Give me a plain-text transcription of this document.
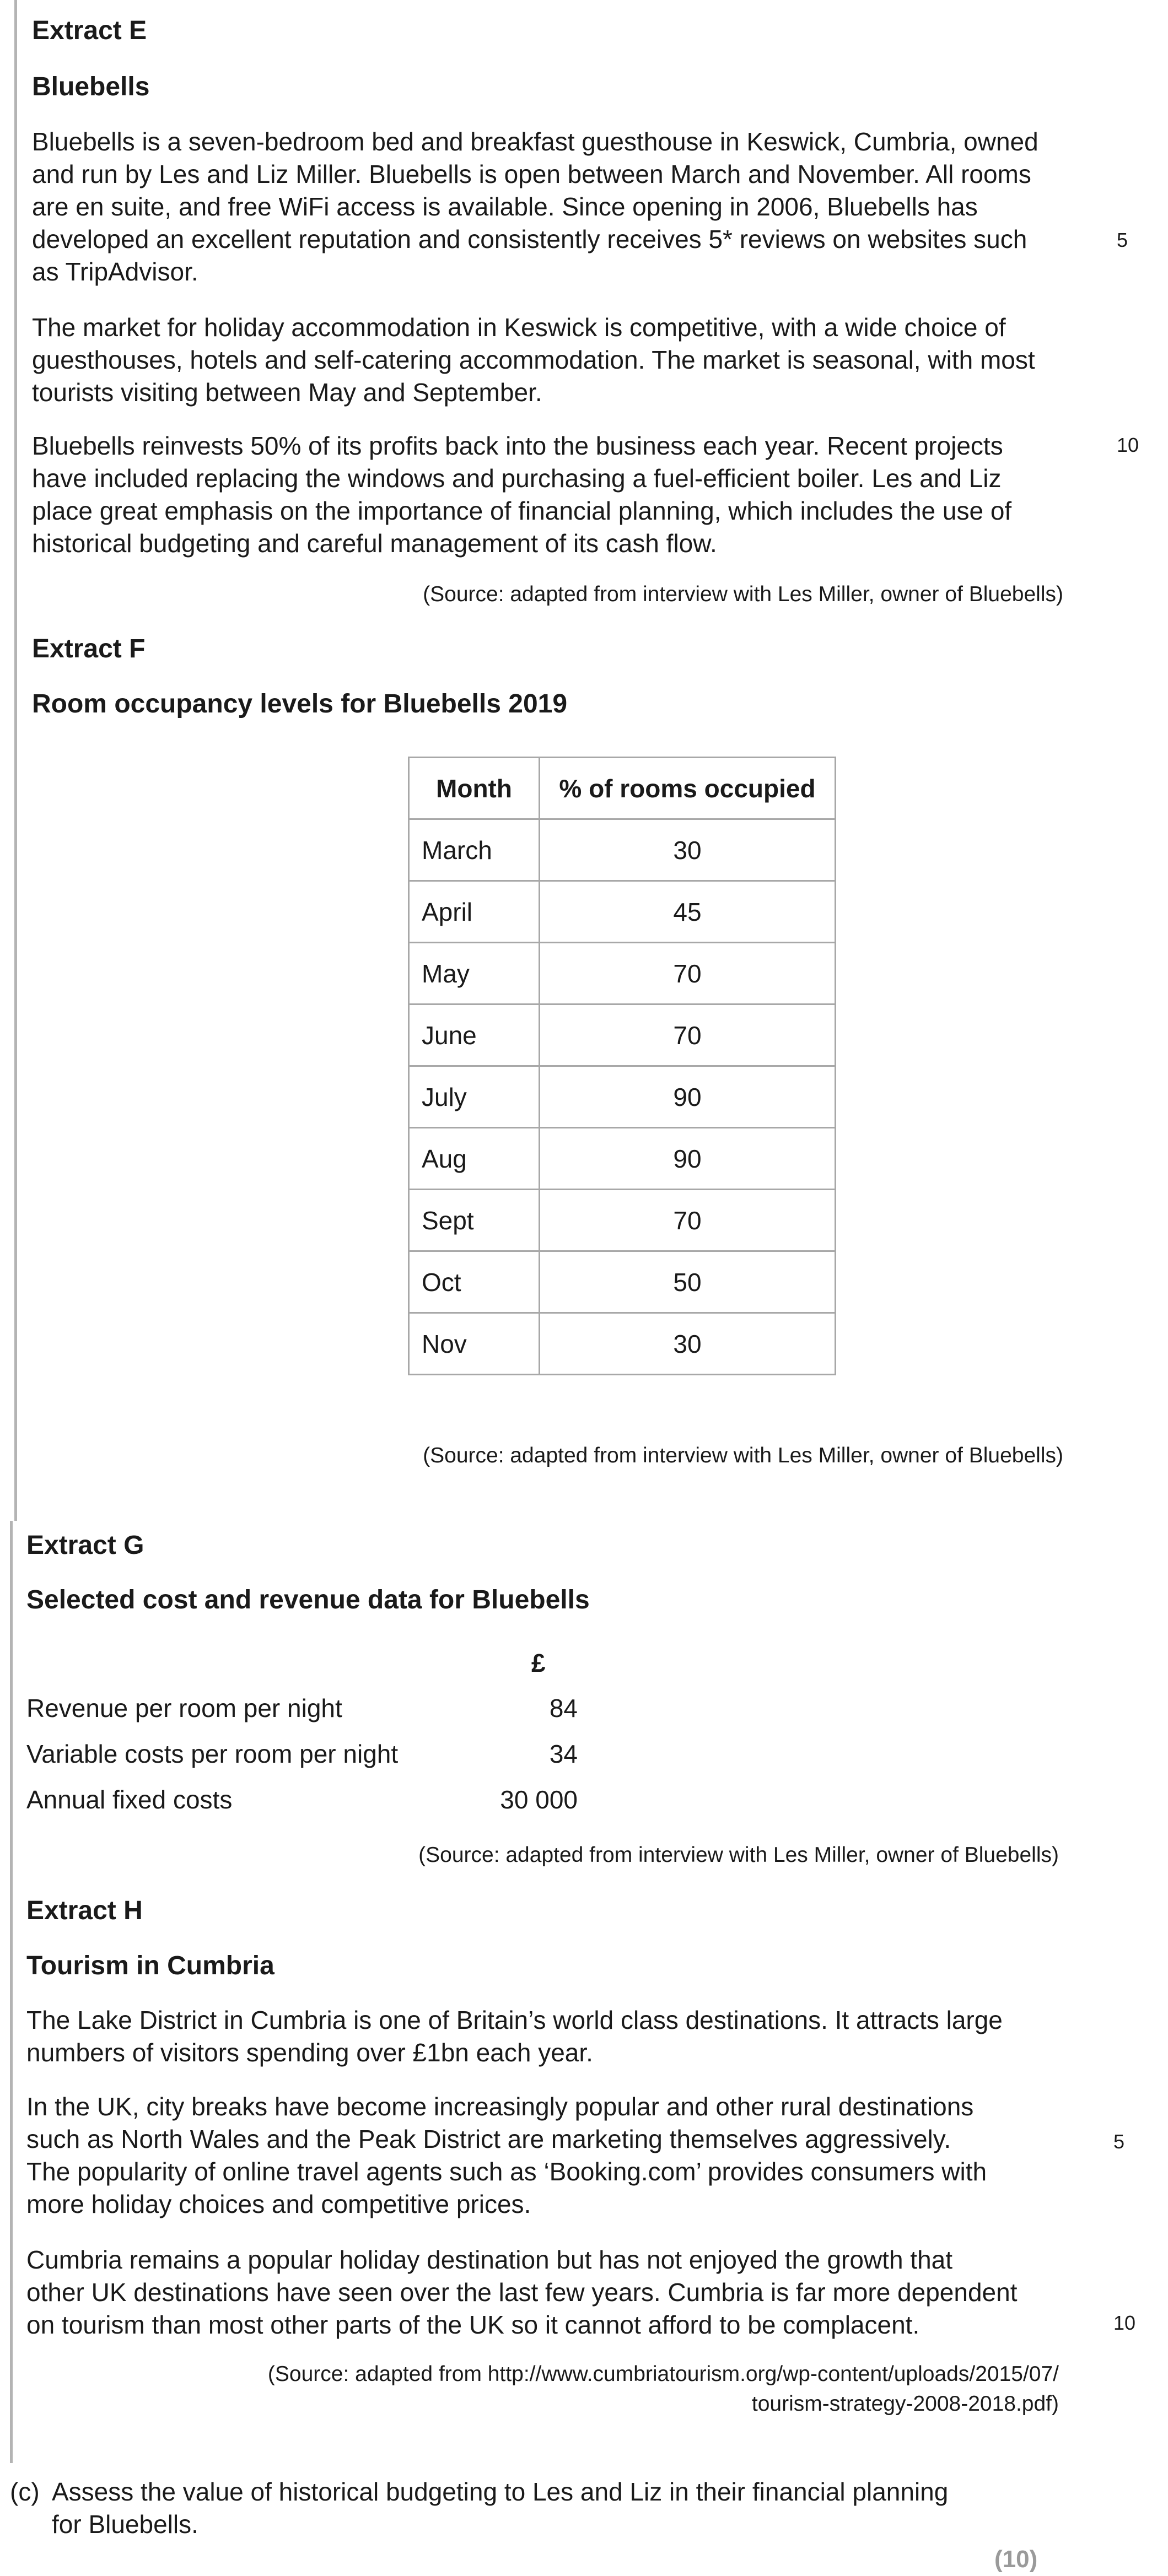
Extract E
Bluebells
Bluebells is a seven-bedroom bed and breakfast guesthouse in Keswick, Cumbria, owned
and run by Les and Liz Miller. Bluebells is open between March and November. All rooms
are en suite, and free WiFi access is available. Since opening in 2006, Bluebells has
developed an excellent reputation and consistently receives 5* reviews on websites such
as TripAdvisor.
5
The market for holiday accommodation in Keswick is competitive, with a wide choice of
guesthouses, hotels and self-catering accommodation. The market is seasonal, with most
tourists visiting between May and September.
Bluebells reinvests 50% of its profits back into the business each year. Recent projects
have included replacing the windows and purchasing a fuel-efficient boiler. Les and Liz
place great emphasis on the importance of financial planning, which includes the use of
historical budgeting and careful management of its cash flow.
10
(Source: adapted from interview with Les Miller, owner of Bluebells)
Extract F
Room occupancy levels for Bluebells 2019
Month	% of rooms occupied
March	30
April	45
May	70
June	70
July	90
Aug	90
Sept	70
Oct	50
Nov	30
(Source: adapted from interview with Les Miller, owner of Bluebells)
Extract G
Selected cost and revenue data for Bluebells
£
Revenue per room per night	84
Variable costs per room per night	34
Annual fixed costs	30 000
(Source: adapted from interview with Les Miller, owner of Bluebells)
Extract H
Tourism in Cumbria
The Lake District in Cumbria is one of Britain’s world class destinations. It attracts large
numbers of visitors spending over £1bn each year.
In the UK, city breaks have become increasingly popular and other rural destinations
such as North Wales and the Peak District are marketing themselves aggressively.
The popularity of online travel agents such as ‘Booking.com’ provides consumers with
more holiday choices and competitive prices.
5
Cumbria remains a popular holiday destination but has not enjoyed the growth that
other UK destinations have seen over the last few years. Cumbria is far more dependent
on tourism than most other parts of the UK so it cannot afford to be complacent.	10
(Source: adapted from http://www.cumbriatourism.org/wp-content/uploads/2015/07/
tourism-strategy-2008-2018.pdf)
(c) Assess the value of historical budgeting to Les and Liz in their financial planning
for Bluebells.
(10)
